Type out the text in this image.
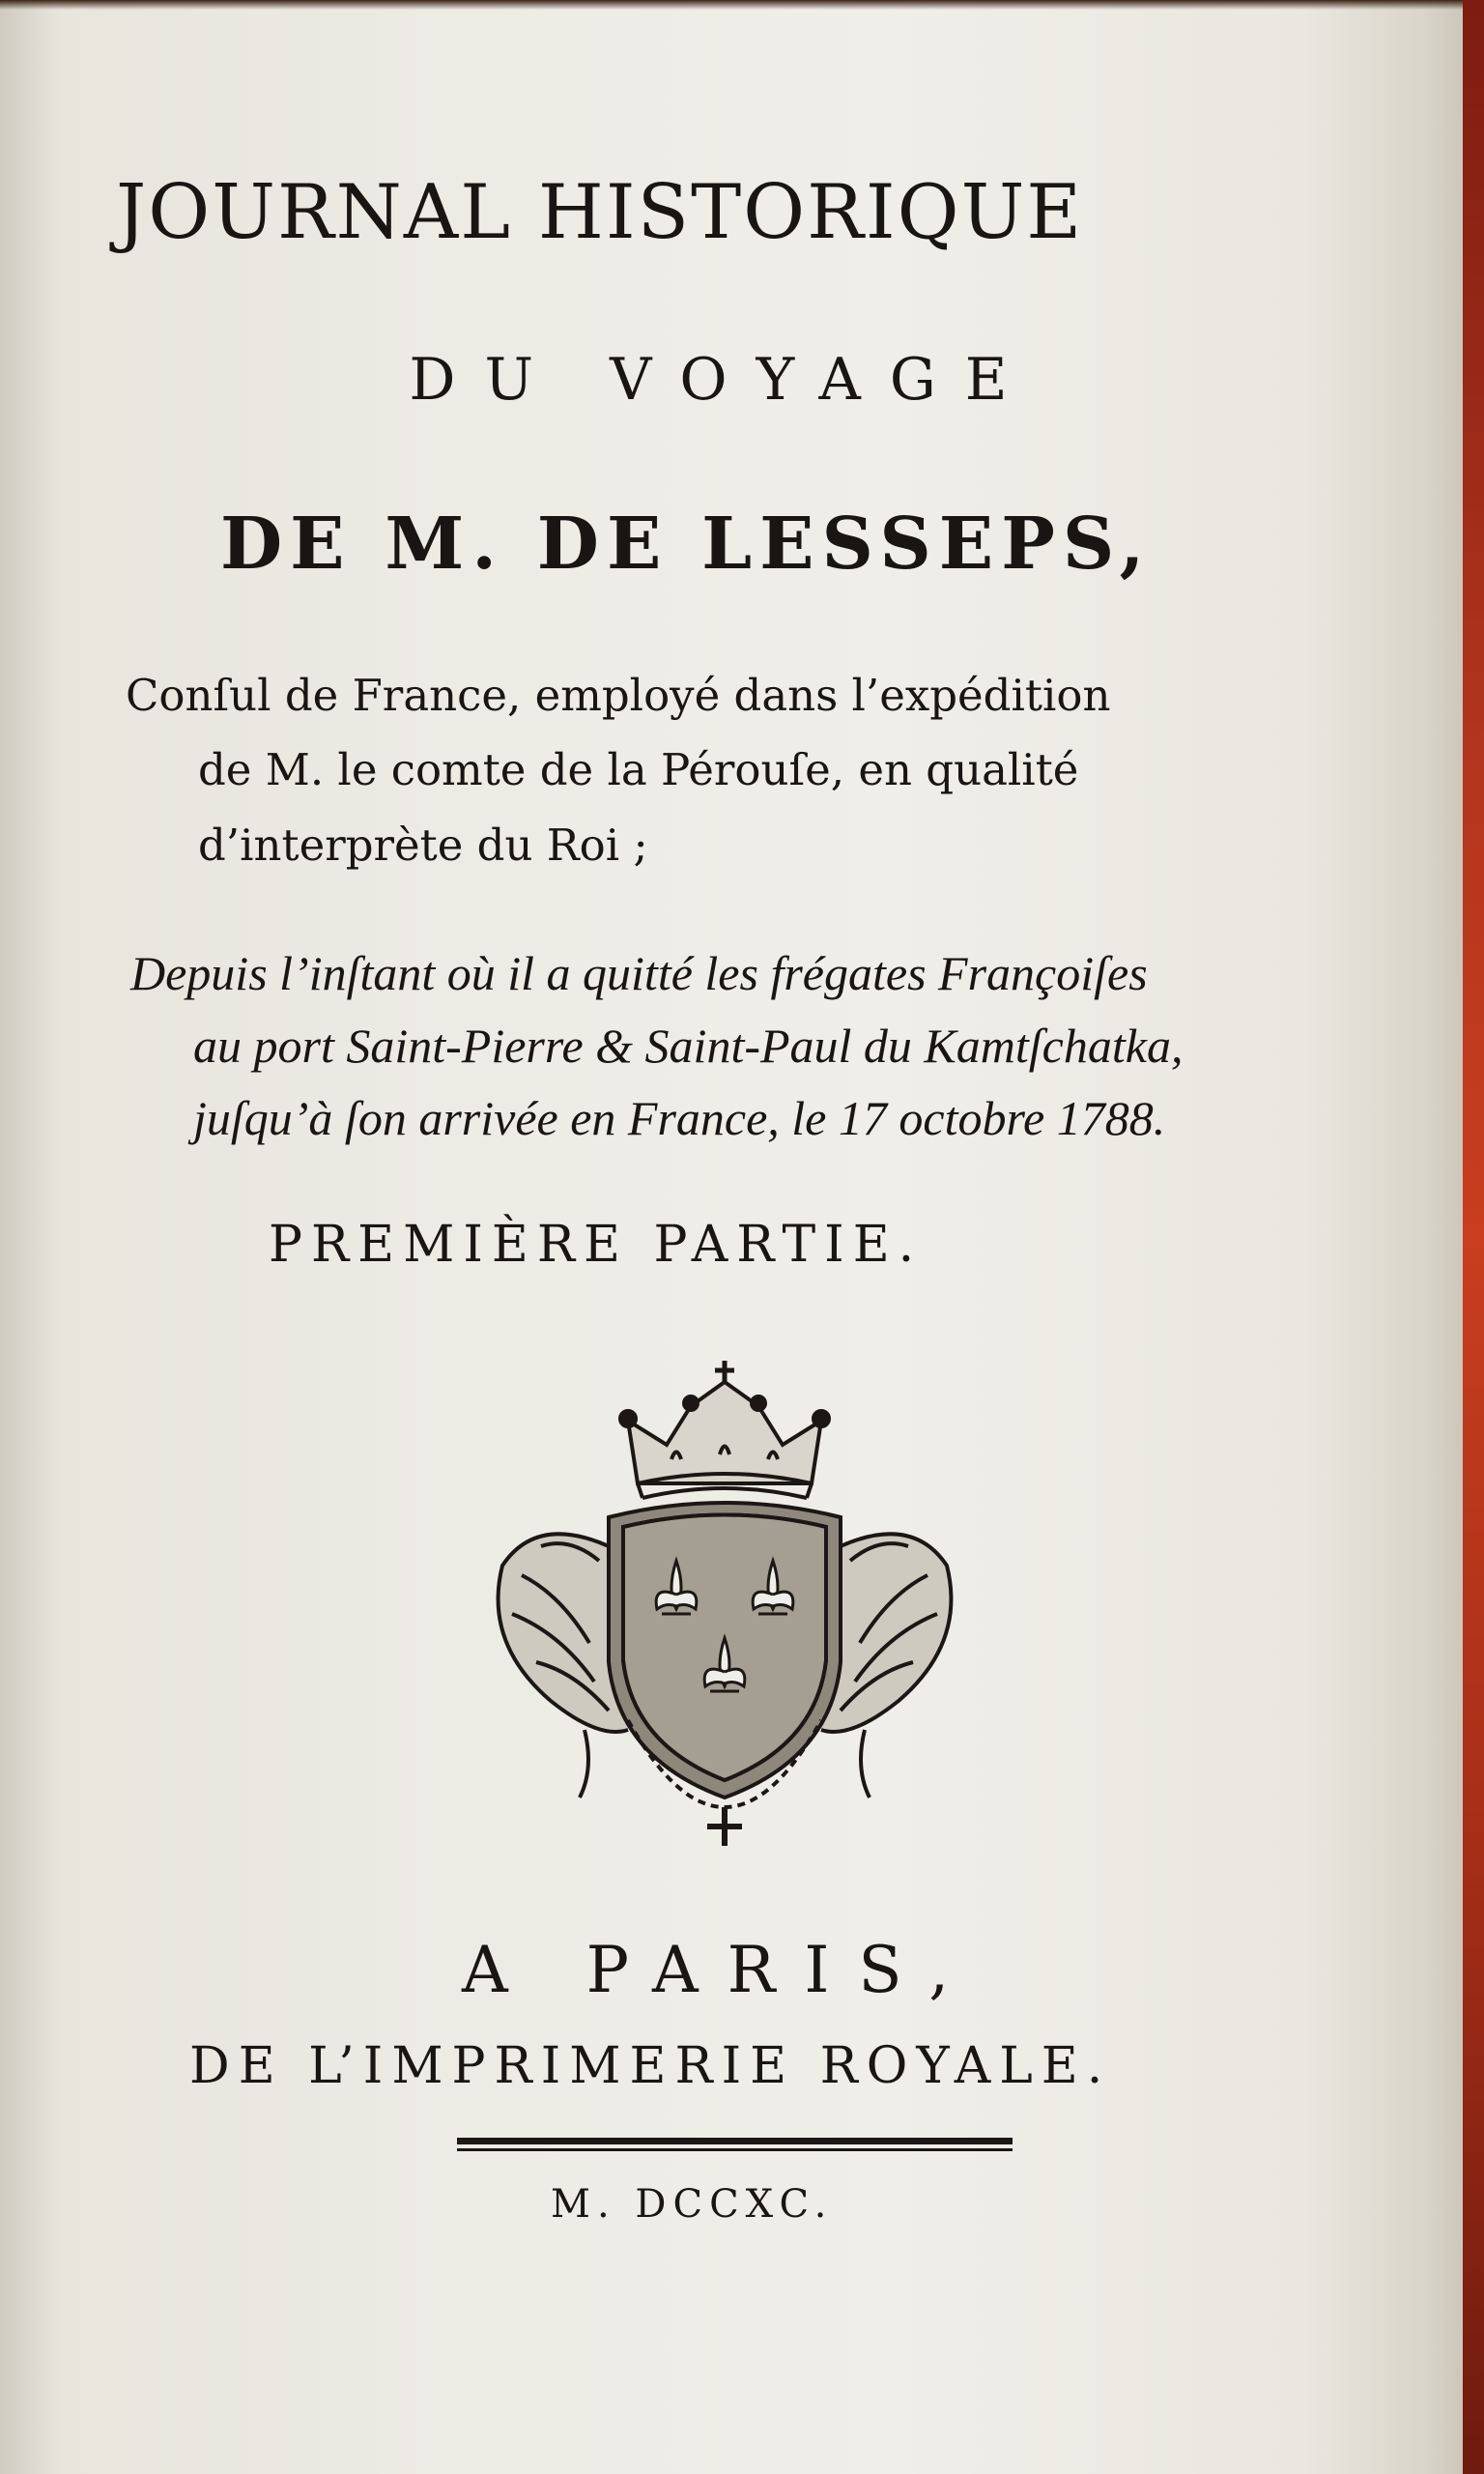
JOURNAL HISTORIQUE
DU VOYAGE
DE M. DE LESSEPS,
Conſul de France, employé dans l’expédition
de M. le comte de la Pérouſe, en qualité
d’interprète du Roi ;
Depuis l’inſtant où il a quitté les frégates Françoiſes
au port Saint-Pierre & Saint-Paul du Kamtſchatka,
juſqu’à ſon arrivée en France, le 17 octobre 1788.
PREMIÈRE PARTIE.
A PARIS,
DE L’IMPRIMERIE ROYALE.
M. DCCXC.
